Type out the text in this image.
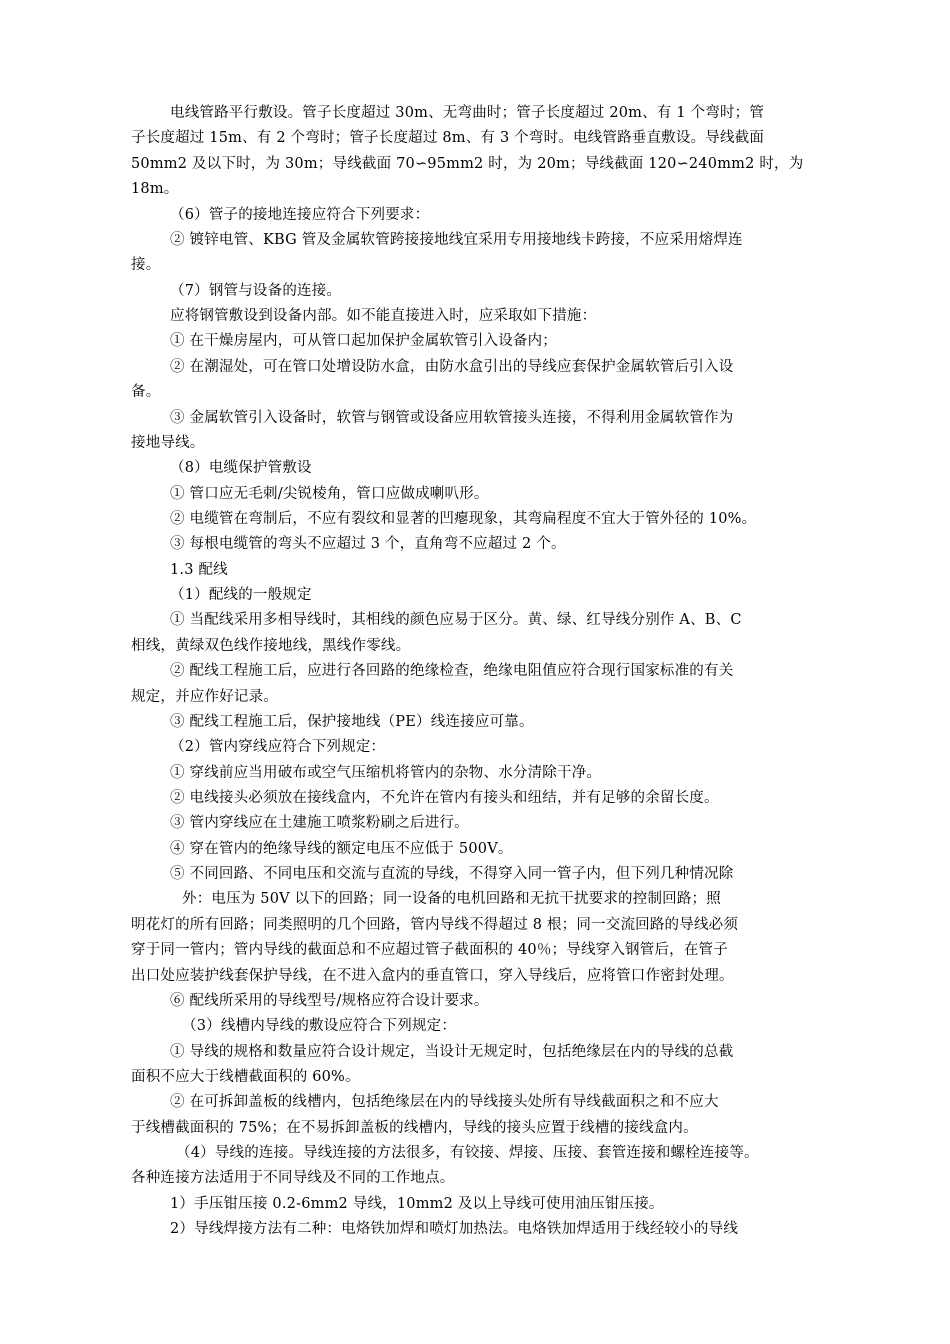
电线管路平行敷设。管子长度超过 30m、无弯曲时；管子长度超过 20m、有 1 个弯时；管
子长度超过 15m、有 2 个弯时；管子长度超过 8m、有 3 个弯时。电线管路垂直敷设。导线截面
50mm2 及以下时，为 30m；导线截面 70∽95mm2 时，为 20m；导线截面 120∽240mm2 时，为
18m。
（6）管子的接地连接应符合下列要求：
② 镀锌电管、KBG 管及金属软管跨接接地线宜采用专用接地线卡跨接，不应采用熔焊连
接。
（7）钢管与设备的连接。
应将钢管敷设到设备内部。如不能直接进入时，应采取如下措施：
① 在干燥房屋内，可从管口起加保护金属软管引入设备内；
② 在潮湿处，可在管口处增设防水盒，由防水盒引出的导线应套保护金属软管后引入设
备。
③ 金属软管引入设备时，软管与钢管或设备应用软管接头连接，不得利用金属软管作为
接地导线。
（8）电缆保护管敷设
① 管口应无毛刺/尖锐棱角，管口应做成喇叭形。
② 电缆管在弯制后，不应有裂纹和显著的凹瘪现象，其弯扁程度不宜大于管外径的 10%。
③ 每根电缆管的弯头不应超过 3 个，直角弯不应超过 2 个。
1.3 配线
（1）配线的一般规定
① 当配线采用多相导线时，其相线的颜色应易于区分。黄、绿、红导线分别作 A、B、C
相线，黄绿双色线作接地线，黑线作零线。
② 配线工程施工后，应进行各回路的绝缘检查，绝缘电阻值应符合现行国家标准的有关
规定，并应作好记录。
③ 配线工程施工后，保护接地线（PE）线连接应可靠。
（2）管内穿线应符合下列规定：
① 穿线前应当用破布或空气压缩机将管内的杂物、水分清除干净。
② 电线接头必须放在接线盒内，不允许在管内有接头和纽结，并有足够的余留长度。
③ 管内穿线应在土建施工喷浆粉刷之后进行。
④ 穿在管内的绝缘导线的额定电压不应低于 500V。
⑤ 不同回路、不同电压和交流与直流的导线，不得穿入同一管子内，但下列几种情况除
外：电压为 50V 以下的回路；同一设备的电机回路和无抗干扰要求的控制回路；照
明花灯的所有回路；同类照明的几个回路，管内导线不得超过 8 根；同一交流回路的导线必须
穿于同一管内；管内导线的截面总和不应超过管子截面积的 40％；导线穿入钢管后，在管子
出口处应装护线套保护导线，在不进入盒内的垂直管口，穿入导线后，应将管口作密封处理。
⑥ 配线所采用的导线型号/规格应符合设计要求。
（3）线槽内导线的敷设应符合下列规定：
① 导线的规格和数量应符合设计规定，当设计无规定时，包括绝缘层在内的导线的总截
面积不应大于线槽截面积的 60%。
② 在可拆卸盖板的线槽内，包括绝缘层在内的导线接头处所有导线截面积之和不应大
于线槽截面积的 75%；在不易拆卸盖板的线槽内，导线的接头应置于线槽的接线盒内。
（4）导线的连接。导线连接的方法很多，有铰接、焊接、压接、套管连接和螺栓连接等。
各种连接方法适用于不同导线及不同的工作地点。
1）手压钳压接 0.2-6mm2 导线，10mm2 及以上导线可使用油压钳压接。
2）导线焊接方法有二种：电烙铁加焊和喷灯加热法。电烙铁加焊适用于线经较小的导线
